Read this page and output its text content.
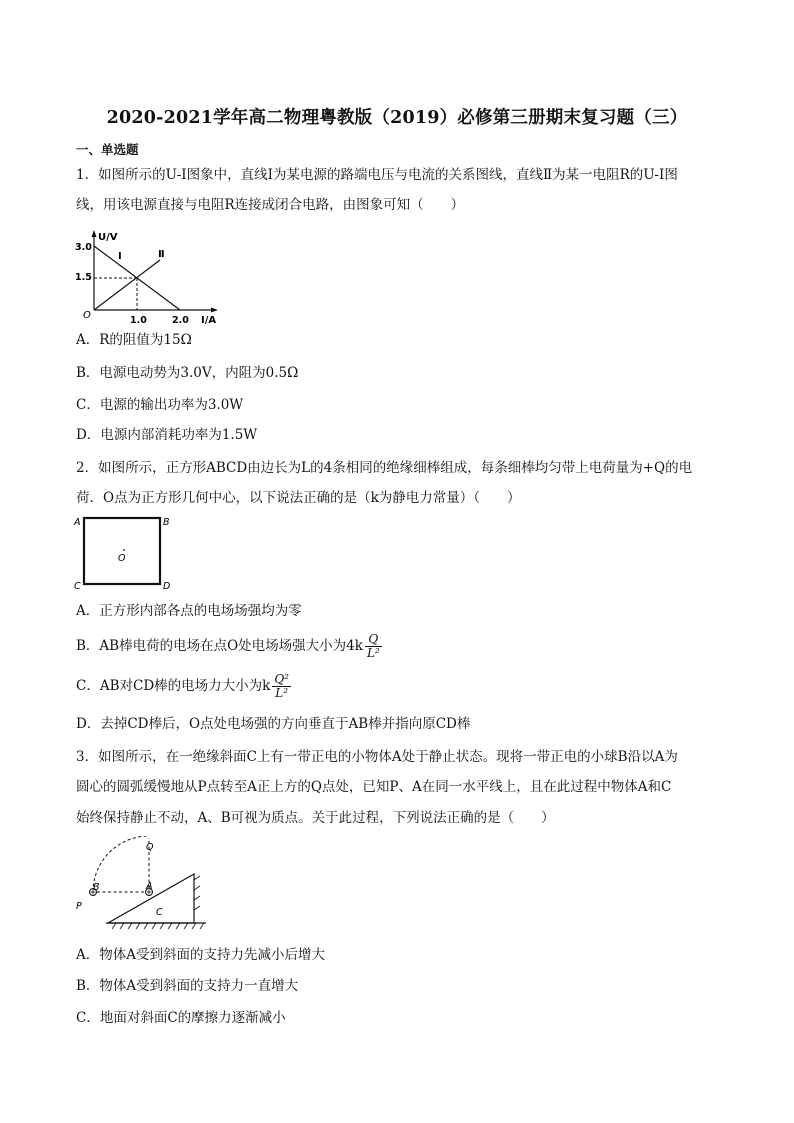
2020-2021学年高二物理粤教版（2019）必修第三册期末复习题（三）
一、单选题
1．如图所示的U-I图象中，直线Ⅰ为某电源的路端电压与电流的关系图线，直线Ⅱ为某一电阻R的U-I图
线，用该电源直接与电阻R连接成闭合电路，由图象可知（　　）
U/V
I/A
O
3.0
1.5
1.0	2.0
Ⅰ	Ⅱ
A．R的阻值为15Ω
B．电源电动势为3.0V，内阻为0.5Ω
C．电源的输出功率为3.0W
D．电源内部消耗功率为1.5W
2．如图所示，正方形ABCD由边长为L的4条相同的绝缘细棒组成，每条细棒均匀带上电荷量为+Q的电
荷．O点为正方形几何中心，以下说法正确的是（k为静电力常量）（　　）
A	B
C	D
O
A．正方形内部各点的电场场强均为零
B．AB棒电荷的电场在点O处电场场强大小为$4k \frac{Q}{\text{L²}}$
C．AB对CD棒的电场力大小为k $\frac{\text{Q²}}{\text{L²}}$
D．去掉CD棒后，O点处电场强的方向垂直于AB棒并指向原CD棒
3．如图所示，在一绝缘斜面C上有一带正电的小物体A处于静止状态。现将一带正电的小球B沿以A为
圆心的圆弧缓慢地从P点转至A正上方的Q点处，已知P、A在同一水平线上，且在此过程中物体A和C
始终保持静止不动，A、B可视为质点。关于此过程，下列说法正确的是（　　）
P
B	A
C
Q
A．物体A受到斜面的支持力先减小后增大
B．物体A受到斜面的支持力一直增大
C．地面对斜面C的摩擦力逐渐减小
